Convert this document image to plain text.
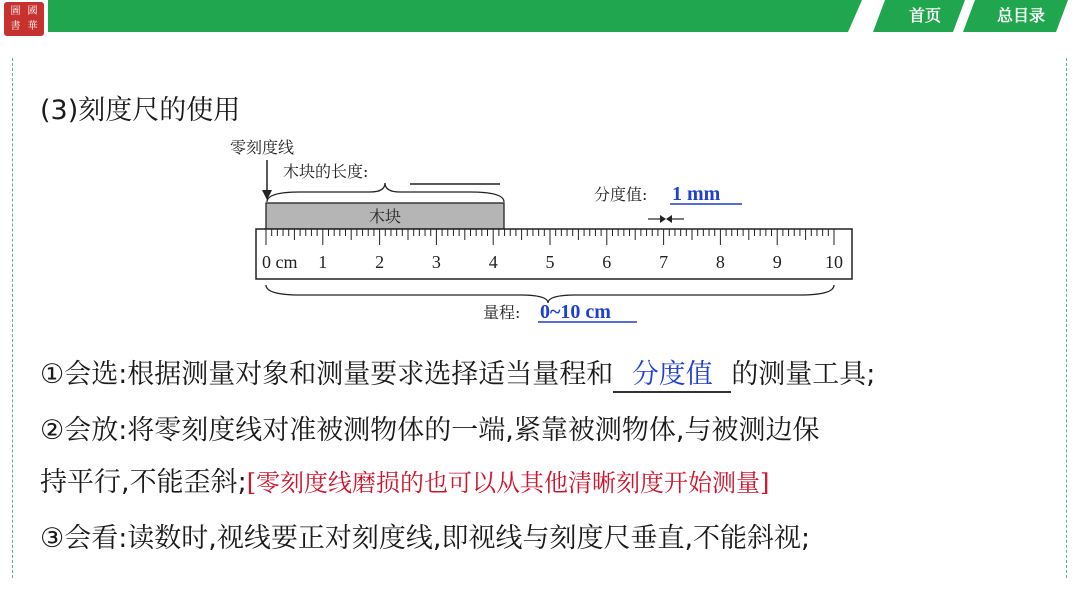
圖 國
書 華
首页	总目录
(3)刻度尺的使用
零刻度线
木块的长度:
木块
分度值: 1 mm
0 cm 1	2	3	4	5	6	7	8	9 10
量程: 0~10 cm
①会选:根据测量对象和测量要求选择适当量程和 分度值 的测量工具;
②会放:将零刻度线对准被测物体的一端,紧靠被测物体,与被测边保
持平行,不能歪斜;[零刻度线磨损的也可以从其他清晰刻度开始测量]
③会看:读数时,视线要正对刻度线,即视线与刻度尺垂直,不能斜视;
